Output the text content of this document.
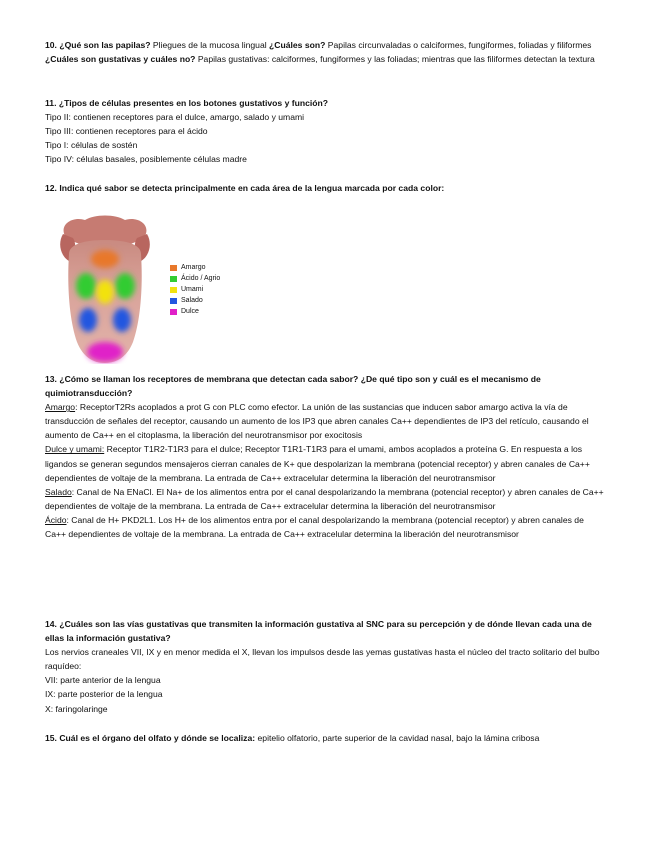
10. ¿Qué son las papilas? Pliegues de la mucosa lingual ¿Cuáles son? Papilas circunvaladas o calciformes, fungiformes, foliadas y filiformes ¿Cuáles son gustativas y cuáles no? Papilas gustativas: calciformes, fungiformes y las foliadas; mientras que las filiformes detectan la textura

11. ¿Tipos de células presentes en los botones gustativos y función?

Tipo II: contienen receptores para el dulce, amargo, salado y umami

Tipo III: contienen receptores para el ácido

Tipo I: células de sostén

Tipo IV: células basales, posiblemente células madre

12. Indica qué sabor se detecta principalmente en cada área de la lengua marcada por cada color:

Amargo
Ácido / Agrio
Umami
Salado
Dulce

13. ¿Cómo se llaman los receptores de membrana que detectan cada sabor? ¿De qué tipo son y cuál es el mecanismo de quimiotransducción?

Amargo: ReceptorT2Rs acoplados a prot G con PLC como efector. La unión de las sustancias que inducen sabor amargo activa la vía de transducción de señales del receptor, causando un aumento de los IP3 que abren canales Ca++ dependientes de IP3 del retículo, causando el aumento de Ca++ en el citoplasma, la liberación del neurotransmisor por exocitosis

Dulce y umami: Receptor T1R2-T1R3 para el dulce; Receptor T1R1-T1R3 para el umami, ambos acoplados a proteína G. En respuesta a los ligandos se generan segundos mensajeros cierran canales de K+ que despolarizan la membrana (potencial receptor) y abren canales de Ca++ dependientes de voltaje de la membrana. La entrada de Ca++ extracelular determina la liberación del neurotransmisor

Salado: Canal de Na ENaCl. El Na+ de los alimentos entra por el canal despolarizando la membrana (potencial receptor) y abren canales de Ca++ dependientes de voltaje de la membrana. La entrada de Ca++ extracelular determina la liberación del neurotransmisor

Ácido: Canal de H+ PKD2L1. Los H+ de los alimentos entra por el canal despolarizando la membrana (potencial receptor) y abren canales de Ca++ dependientes de voltaje de la membrana. La entrada de Ca++ extracelular determina la liberación del neurotransmisor

14. ¿Cuáles son las vías gustativas que transmiten la información gustativa al SNC para su percepción y de dónde llevan cada una de ellas la información gustativa?

Los nervios craneales VII, IX y en menor medida el X, llevan los impulsos desde las yemas gustativas hasta el núcleo del tracto solitario del bulbo raquídeo:

VII: parte anterior de la lengua

IX: parte posterior de la lengua

X: faringolaringe

15. Cuál es el órgano del olfato y dónde se localiza: epitelio olfatorio, parte superior de la cavidad nasal, bajo la lámina cribosa
